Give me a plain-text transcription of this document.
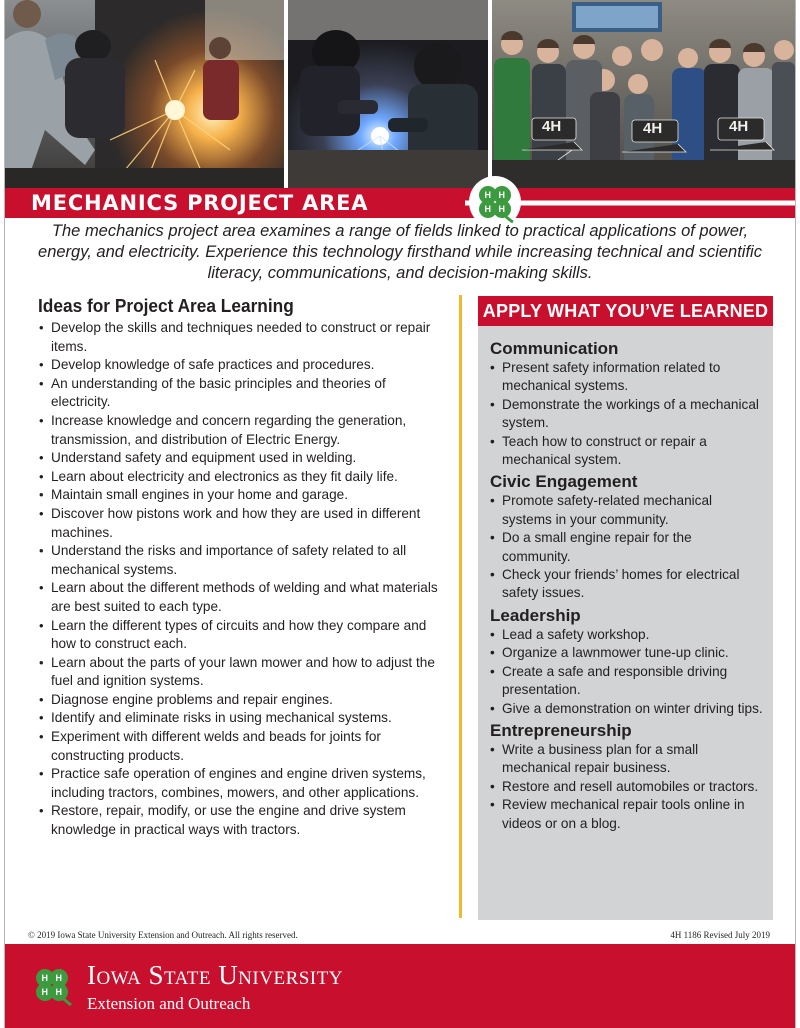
4H	4H	4H
MECHANICS PROJECT AREA	H H
H H

The mechanics project area examines a range of fields linked to practical applications of power, energy, and electricity. Experience this technology firsthand while increasing technical and scientific literacy, communications, and decision-making skills.

Ideas for Project Area Learning
• Develop the skills and techniques needed to construct or repair items.
• Develop knowledge of safe practices and procedures.
• An understanding of the basic principles and theories of electricity.
• Increase knowledge and concern regarding the generation, transmission, and distribution of Electric Energy.
• Understand safety and equipment used in welding.
• Learn about electricity and electronics as they fit daily life.
• Maintain small engines in your home and garage.
• Discover how pistons work and how they are used in different machines.
• Understand the risks and importance of safety related to all mechanical systems.
• Learn about the different methods of welding and what materials are best suited to each type.
• Learn the different types of circuits and how they compare and how to construct each.
• Learn about the parts of your lawn mower and how to adjust the fuel and ignition systems.
• Diagnose engine problems and repair engines.
• Identify and eliminate risks in using mechanical systems.
• Experiment with different welds and beads for joints for constructing products.
• Practice safe operation of engines and engine driven systems, including tractors, combines, mowers, and other applications.
• Restore, repair, modify, or use the engine and drive system knowledge in practical ways with tractors.
APPLY WHAT YOU’VE LEARNED
Communication
• Present safety information related to mechanical systems.
• Demonstrate the workings of a mechanical system.
• Teach how to construct or repair a mechanical system.
Civic Engagement
• Promote safety-related mechanical systems in your community.
• Do a small engine repair for the community.
• Check your friends’ homes for electrical safety issues.
Leadership
• Lead a safety workshop.
• Organize a lawnmower tune-up clinic.
• Create a safe and responsible driving presentation.
• Give a demonstration on winter driving tips.
Entrepreneurship
• Write a business plan for a small mechanical repair business.
• Restore and resell automobiles or tractors.
• Review mechanical repair tools online in videos or on a blog.
© 2019 Iowa State University Extension and Outreach. All rights reserved.	4H 1186 Revised July 2019
H H
H H
Iowa State University
Extension and Outreach
